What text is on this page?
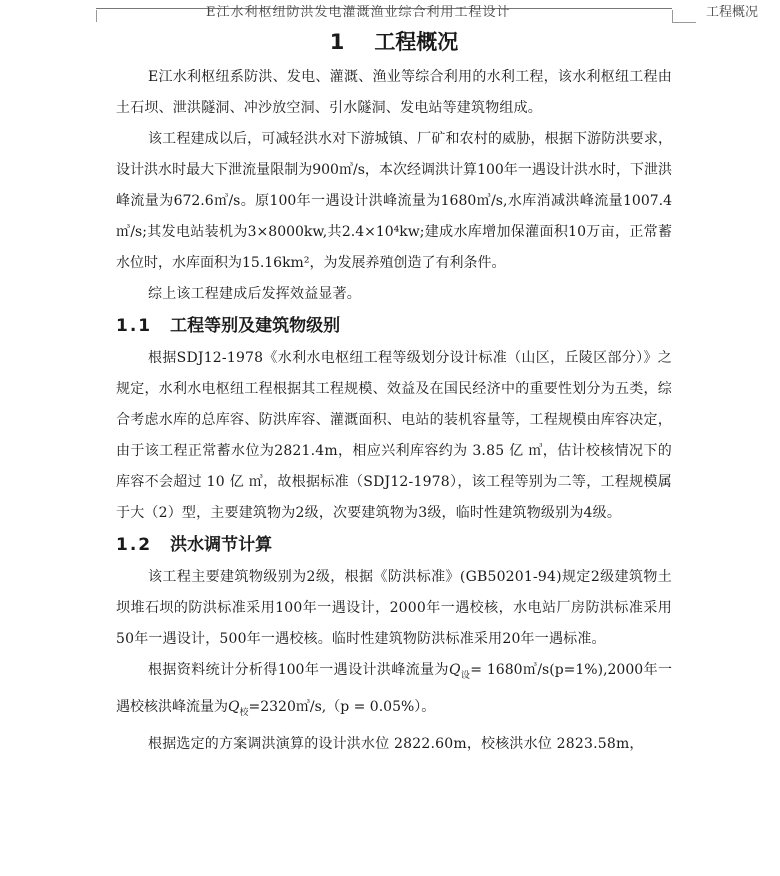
E江水利枢纽防洪发电灌溉渔业综合利用工程设计	工程概况
1 工程概况

E江水利枢纽系防洪、发电、灌溉、渔业等综合利用的水利工程，该水利枢纽工程由土石坝、泄洪隧洞、冲沙放空洞、引水隧洞、发电站等建筑物组成。

该工程建成以后，可减轻洪水对下游城镇、厂矿和农村的威胁，根据下游防洪要求，设计洪水时最大下泄流量限制为900㎥/s，本次经调洪计算100年一遇设计洪水时，下泄洪峰流量为672.6㎥/s。原100年一遇设计洪峰流量为1680㎥/s,水库消减洪峰流量1007.4㎥/s;其发电站装机为3×8000kw,共2.4×10⁴kw;建成水库增加保灌面积10万亩，正常蓄水位时，水库面积为15.16km²，为发展养殖创造了有利条件。

综上该工程建成后发挥效益显著。

1.1 工程等别及建筑物级别

根据SDJ12-1978《水利水电枢纽工程等级划分设计标准（山区，丘陵区部分）》之规定，水利水电枢纽工程根据其工程规模、效益及在国民经济中的重要性划分为五类，综合考虑水库的总库容、防洪库容、灌溉面积、电站的装机容量等，工程规模由库容决定，由于该工程正常蓄水位为2821.4m，相应兴利库容约为 3.85 亿 ㎥，估计校核情况下的库容不会超过 10 亿 ㎥，故根据标准（SDJ12-1978），该工程等别为二等，工程规模属于大（2）型，主要建筑物为2级，次要建筑物为3级，临时性建筑物级别为4级。

1.2 洪水调节计算

该工程主要建筑物级别为2级，根据《防洪标准》(GB50201-94)规定2级建筑物土坝堆石坝的防洪标准采用100年一遇设计，2000年一遇校核，水电站厂房防洪标准采用50年一遇设计，500年一遇校核。临时性建筑物防洪标准采用20年一遇标准。

根据资料统计分析得100年一遇设计洪峰流量为$Q_设=$ 1680㎥/s(p=1%),2000年一遇校核洪峰流量为$Q_校=2320㎥/s,(p = 0.05\%)$。

根据选定的方案调洪演算的设计洪水位 2822.60m，校核洪水位 2823.58m，
